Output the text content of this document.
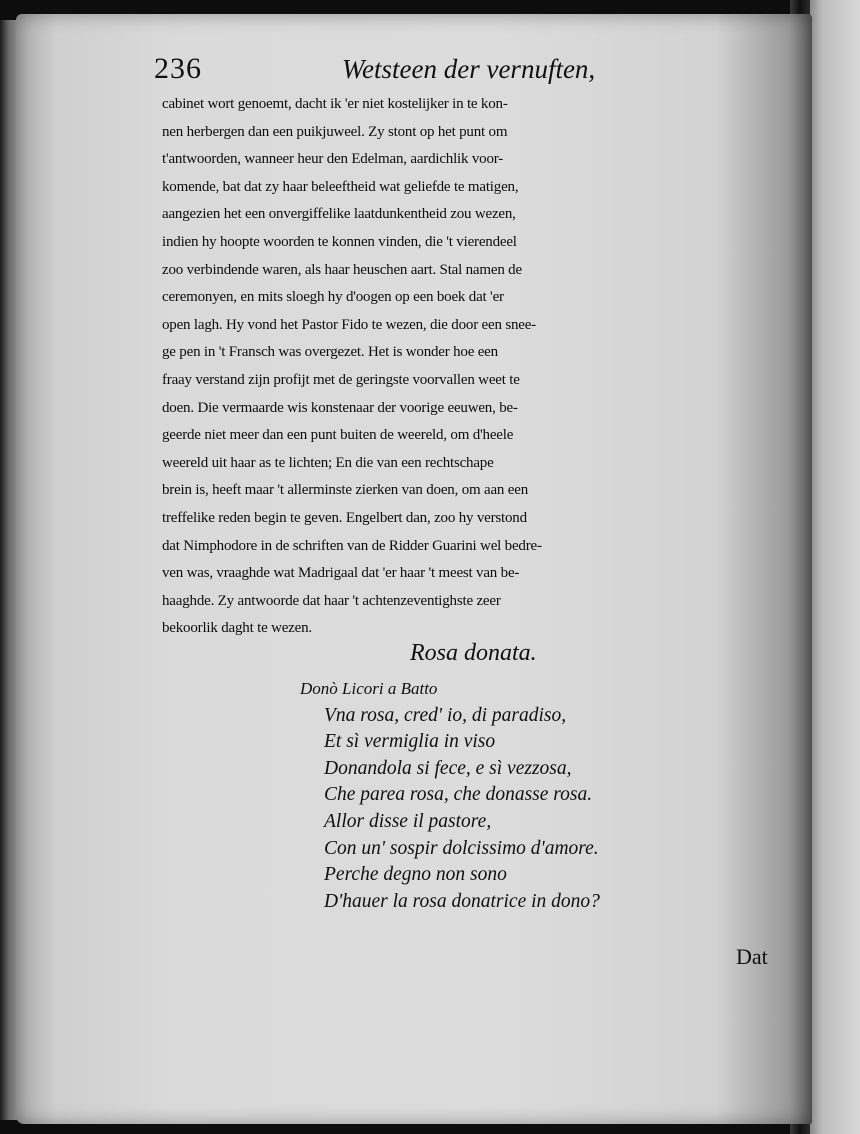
236	Wetsteen der vernuften,
cabinet wort genoemt, dacht ik 'er niet kostelijker in te kon-
nen herbergen dan een puikjuweel. Zy stont op het punt om
t'antwoorden, wanneer heur den Edelman, aardichlik voor-
komende, bat dat zy haar beleeftheid wat geliefde te matigen,
aangezien het een onvergiffelike laatdunkentheid zou wezen,
indien hy hoopte woorden te konnen vinden, die 't vierendeel
zoo verbindende waren, als haar heuschen aart. Stal namen de
ceremonyen, en mits sloegh hy d'oogen op een boek dat 'er
open lagh. Hy vond het Pastor Fido te wezen, die door een snee-
ge pen in 't Fransch was overgezet. Het is wonder hoe een
fraay verstand zijn profijt met de geringste voorvallen weet te
doen. Die vermaarde wis konstenaar der voorige eeuwen, be-
geerde niet meer dan een punt buiten de weereld, om d'heele
weereld uit haar as te lichten; En die van een rechtschape
brein is, heeft maar 't allerminste zierken van doen, om aan een
treffelike reden begin te geven. Engelbert dan, zoo hy verstond
dat Nimphodore in de schriften van de Ridder Guarini wel bedre-
ven was, vraaghde wat Madrigaal dat 'er haar 't meest van be-
haaghde. Zy antwoorde dat haar 't achtenzeventighste zeer
bekoorlik daght te wezen.
Rosa donata.
Donò Licori a Batto
Vna rosa, cred' io, di paradiso,
Et sì vermiglia in viso
Donandola si fece, e sì vezzosa,
Che parea rosa, che donasse rosa.
Allor disse il pastore,
Con un' sospir dolcissimo d'amore.
Perche degno non sono
D'hauer la rosa donatrice in dono?
Dat
